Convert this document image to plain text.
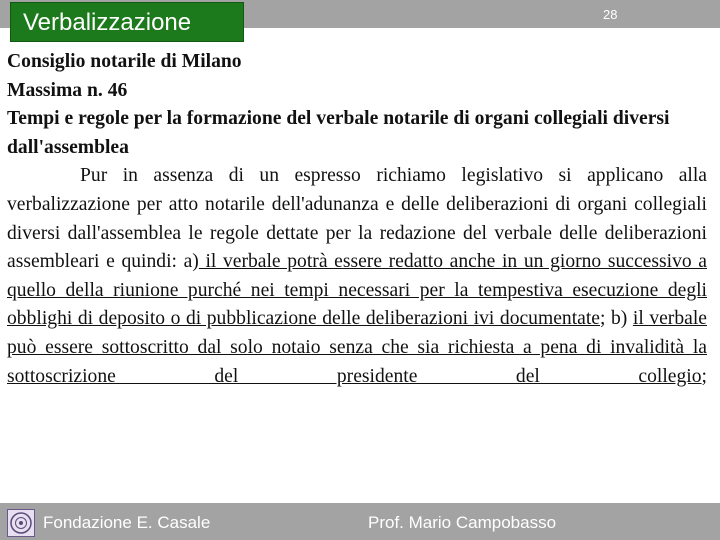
28
Verbalizzazione
Consiglio notarile di Milano
Massima n. 46
Tempi e regole per la formazione del verbale notarile di organi collegiali diversi dall'assemblea
Pur in assenza di un espresso richiamo legislativo si applicano alla verbalizzazione per atto notarile dell'adunanza e delle deliberazioni di organi collegiali diversi dall'assemblea le regole dettate per la redazione del verbale delle deliberazioni assembleari e quindi: a) il verbale potrà essere redatto anche in un giorno successivo a quello della riunione purché nei tempi necessari per la tempestiva esecuzione degli obblighi di deposito o di pubblicazione delle deliberazioni ivi documentate; b) il verbale può essere sottoscritto dal solo notaio senza che sia richiesta a pena di invalidità la sottoscrizione del presidente del collegio;
Fondazione E. Casale	Prof. Mario Campobasso
